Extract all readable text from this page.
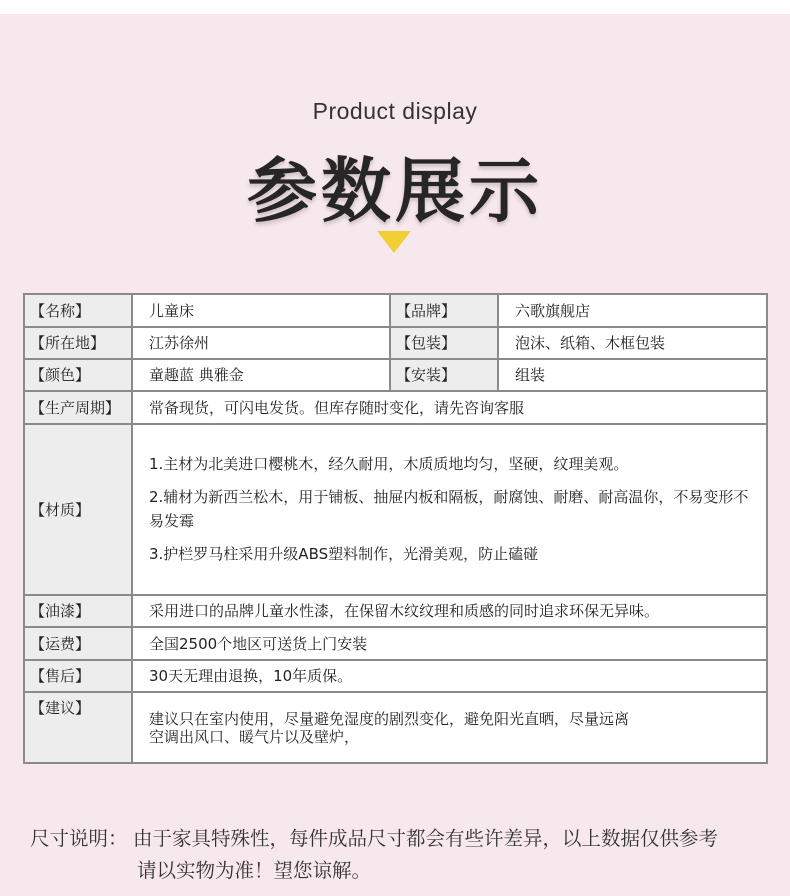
Product display
参数展示
【名称】	儿童床	【品牌】	六歌旗舰店
【所在地】	江苏徐州	【包装】	泡沫、纸箱、木框包装
【颜色】	童趣蓝 典雅金	【安装】	组装
【生产周期】	常备现货，可闪电发货。但库存随时变化，请先咨询客服		
【材质】	1.主材为北美进口樱桃木，经久耐用，木质质地均匀，坚硬，纹理美观。

2.辅材为新西兰松木，用于铺板、抽屉内板和隔板，耐腐蚀、耐磨、耐高温你，不易变形不易发霉

3.护栏罗马柱采用升级ABS塑料制作，光滑美观，防止磕碰		

【油漆】	采用进口的品牌儿童水性漆，在保留木纹纹理和质感的同时追求环保无异味。		
【运费】	全国2500个地区可送货上门安装		
【售后】	30天无理由退换，10年质保。		
【建议】	建议只在室内使用，尽量避免湿度的剧烈变化，避免阳光直晒，尽量远离
空调出风口、暖气片以及壁炉，		
尺寸说明： 由于家具特殊性，每件成品尺寸都会有些许差异，以上数据仅供参考
请以实物为准！望您谅解。
